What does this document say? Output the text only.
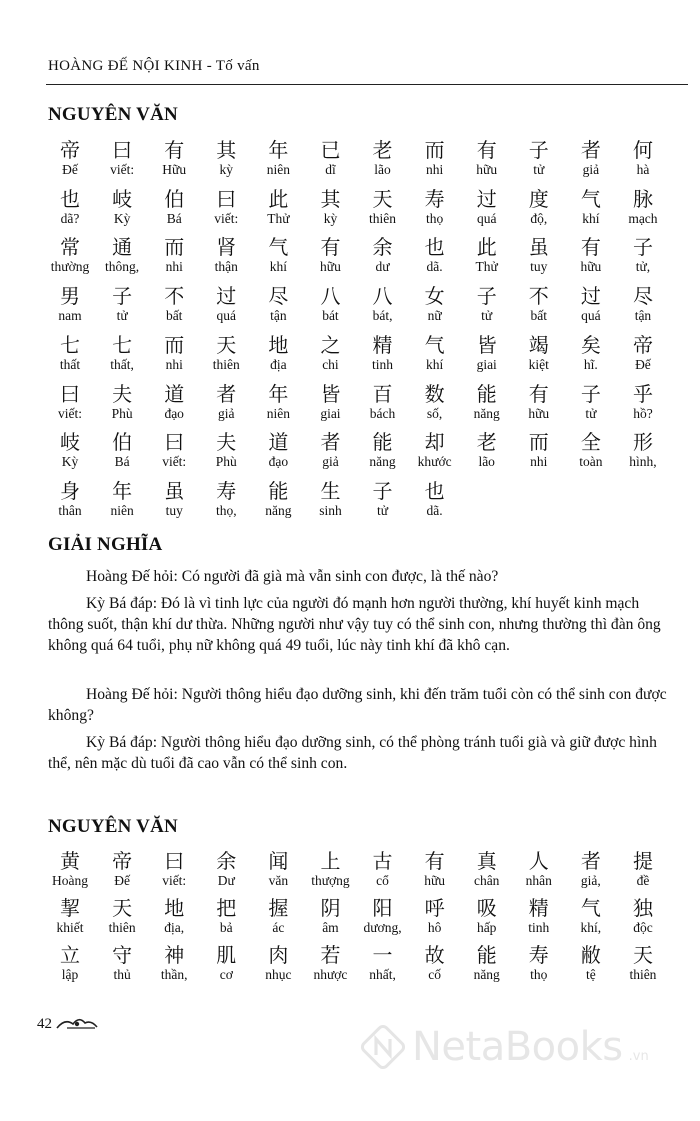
HOÀNG ĐẾ NỘI KINH - Tố vấn
NGUYÊN VĂN
帝
Đế
曰
viết:
有
Hữu
其
kỳ
年
niên
已
dĩ
老
lão
而
nhi
有
hữu
子
tử
者
giả
何
hà
也
dã?
岐
Kỳ
伯
Bá
曰
viết:
此
Thử
其
kỳ
天
thiên
寿
thọ
过
quá
度
độ,
气
khí
脉
mạch
常
thường
通
thông,
而
nhi
肾
thận
气
khí
有
hữu
余
dư
也
dã.
此
Thử
虽
tuy
有
hữu
子
tử,
男
nam
子
tử
不
bất
过
quá
尽
tận
八
bát
八
bát,
女
nữ
子
tử
不
bất
过
quá
尽
tận
七
thất
七
thất,
而
nhi
天
thiên
地
địa
之
chi
精
tinh
气
khí
皆
giai
竭
kiệt
矣
hĩ.
帝
Đế
曰
viết:
夫
Phù
道
đạo
者
giả
年
niên
皆
giai
百
bách
数
số,
能
năng
有
hữu
子
tử
乎
hồ?
岐
Kỳ
伯
Bá
曰
viết:
夫
Phù
道
đạo
者
giả
能
năng
却
khước
老
lão
而
nhi
全
toàn
形
hình,
身
thân
年
niên
虽
tuy
寿
thọ,
能
năng
生
sinh
子
tử
也
dã.
GIẢI NGHĨA

Hoàng Đế hỏi: Có người đã già mà vẫn sinh con được, là thế nào?

Kỳ Bá đáp: Đó là vì tinh lực của người đó mạnh hơn người thường, khí huyết kinh mạch thông suốt, thận khí dư thừa. Những người như vậy tuy có thể sinh con, nhưng thường thì đàn ông không quá 64 tuổi, phụ nữ không quá 49 tuổi, lúc này tinh khí đã khô cạn.

Hoàng Đế hỏi: Người thông hiểu đạo dưỡng sinh, khi đến trăm tuổi còn có thể sinh con được không?

Kỳ Bá đáp: Người thông hiểu đạo dưỡng sinh, có thể phòng tránh tuổi già và giữ được hình thể, nên mặc dù tuổi đã cao vẫn có thể sinh con.

NGUYÊN VĂN
黄
Hoàng
帝
Đế
曰
viết:
余
Dư
闻
văn
上
thượng
古
cổ
有
hữu
真
chân
人
nhân
者
giả,
提
đề
挈
khiết
天
thiên
地
địa,
把
bả
握
ác
阴
âm
阳
dương,
呼
hô
吸
hấp
精
tinh
气
khí,
独
độc
立
lập
守
thủ
神
thần,
肌
cơ
肉
nhục
若
nhược
一
nhất,
故
cố
能
năng
寿
thọ
敝
tệ
天
thiên
42	NetaBooks .vn
